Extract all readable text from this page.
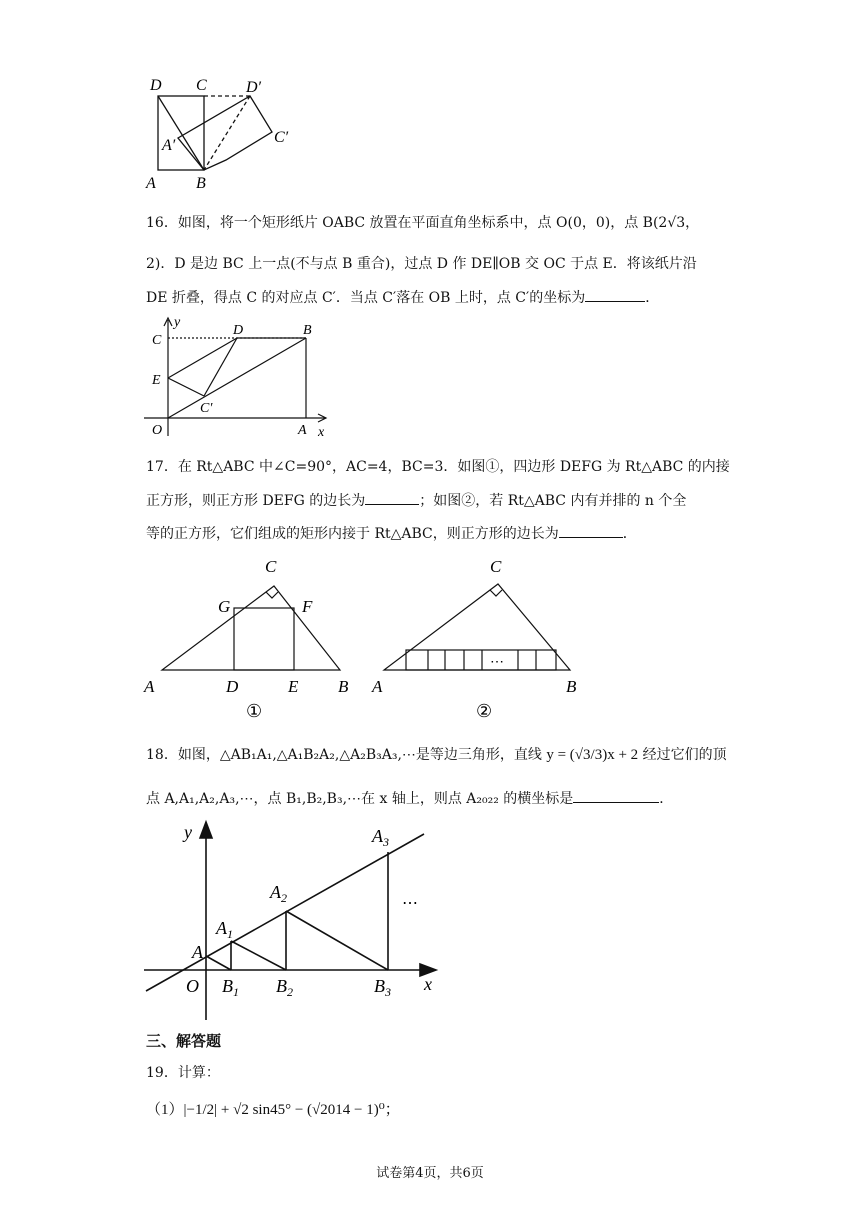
D C D′
A′	C′
A	B
16．如图，将一个矩形纸片 OABC 放置在平面直角坐标系中，点 O(0，0)，点 B(2√3，
2)．D 是边 BC 上一点(不与点 B 重合)，过点 D 作 DE∥OB 交 OC 于点 E．将该纸片沿
DE 折叠，得点 C 的对应点 C′．当点 C′落在 OB 上时，点 C′的坐标为	．
y
D	B
C
E
C′
O	A x
17．在 Rt△ABC 中∠C=90°，AC=4，BC=3．如图①，四边形 DEFG 为 Rt△ABC 的内接
正方形，则正方形 DEFG 的边长为	；如图②，若 Rt△ABC 内有并排的 n 个全
等的正方形，它们组成的矩形内接于 Rt△ABC，则正方形的边长为	．
C
G	F
A	D	E B
①
⋯
C
A	B
②
18．如图，△AB₁A₁,△A₁B₂A₂,△A₂B₃A₃,⋯是等边三角形，直线 y = (√3/3)x + 2 经过它们的顶
点 A,A₁,A₂,A₃,⋯，点 B₁,B₂,B₃,⋯在 x 轴上，则点 A₂₀₂₂ 的横坐标是	．
y	$A_3$
$A_2$
$A_1$
A
O $B_1$ $B_2$	$B_3$ x
⋯
三、解答题
19．计算：
（1）|−1/2| + √2 sin45° − (√2014 − 1)⁰；
试卷第4页，共6页
